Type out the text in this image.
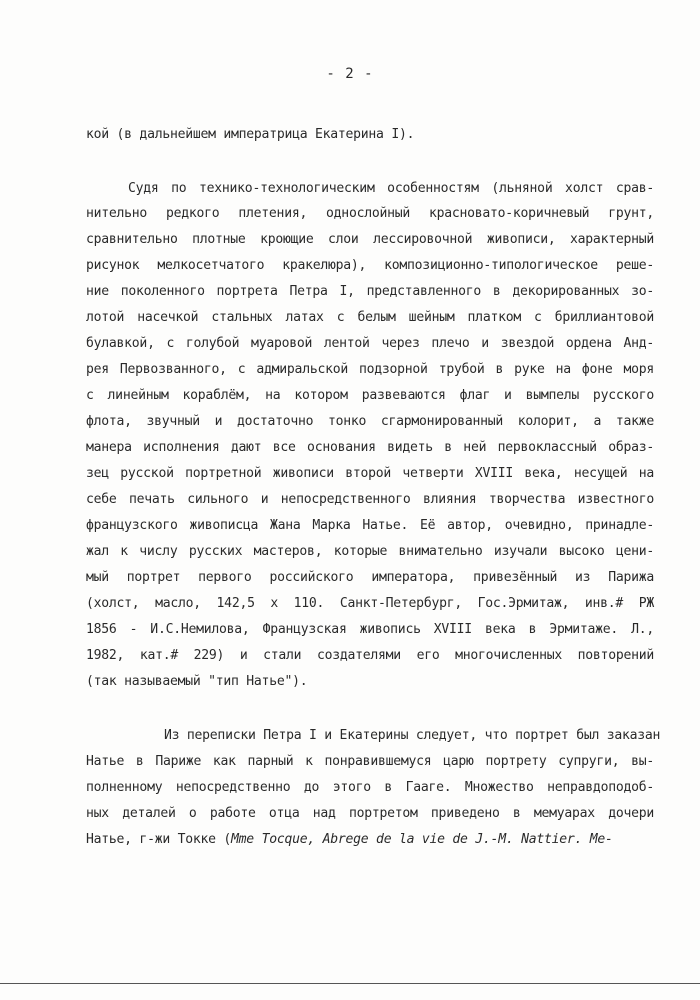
- 2 -
кой (в дальнейшем императрица Екатерина I).
Судя по технико-технологическим особенностям (льняной холст срав-
нительно редкого плетения, однослойный красновато-коричневый грунт,
сравнительно плотные кроющие слои лессировочной живописи, характерный
рисунок мелкосетчатого кракелюра), композиционно-типологическое реше-
ние поколенного портрета Петра I, представленного в декорированных зо-
лотой насечкой стальных латах с белым шейным платком с бриллиантовой
булавкой, с голубой муаровой лентой через плечо и звездой ордена Анд-
рея Первозванного, с адмиральской подзорной трубой в руке на фоне моря
с линейным кораблём, на котором развеваются флаг и вымпелы русского
флота, звучный и достаточно тонко сгармонированный колорит, а также
манера исполнения дают все основания видеть в ней первоклассный образ-
зец русской портретной живописи второй четверти XVIII века, несущей на
себе печать сильного и непосредственного влияния творчества известного
французского живописца Жана Марка Натье. Её автор, очевидно, принадле-
жал к числу русских мастеров, которые внимательно изучали высоко цени-
мый портрет первого российского императора, привезённый из Парижа
(холст, масло, 142,5 х 110. Санкт-Петербург, Гос.Эрмитаж, инв.# РЖ
1856 - И.С.Немилова, Французская живопись XVIII века в Эрмитаже. Л.,
1982, кат.# 229) и стали создателями его многочисленных повторений
(так называемый "тип Натье").
Из переписки Петра I и Екатерины следует, что портрет был заказан
Натье в Париже как парный к понравившемуся царю портрету супруги, вы-
полненному непосредственно до этого в Гааге. Множество неправдоподоб-
ных деталей о работе отца над портретом приведено в мемуарах дочери
Натье, г-жи Токке (Mme Tocque, Abrege de la vie de J.-M. Nattier. Me-
